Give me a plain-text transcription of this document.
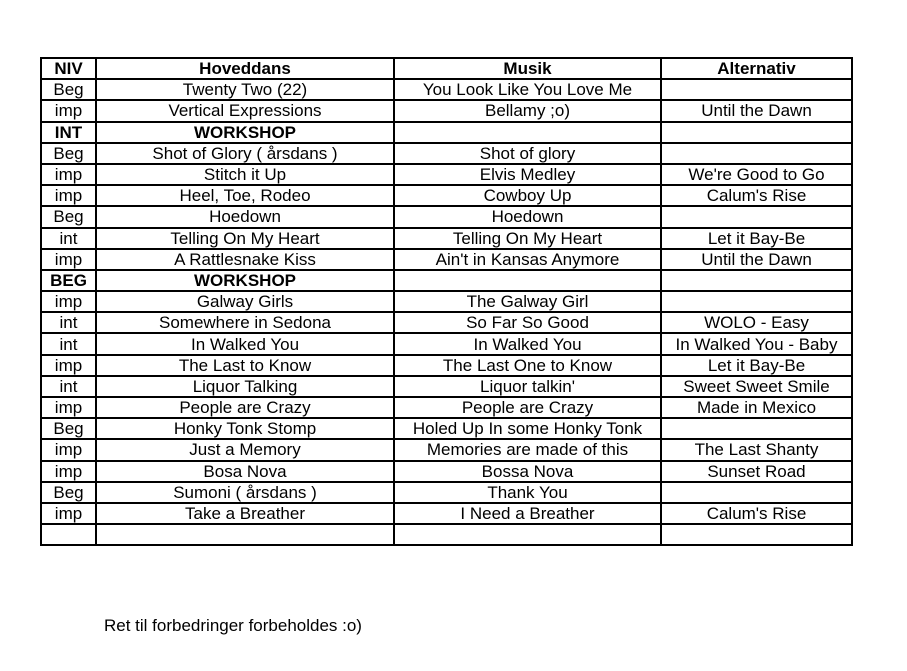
NIV	Hoveddans	Musik	Alternativ
Beg	Twenty Two (22)	You Look Like You Love Me	
imp	Vertical Expressions	Bellamy ;o)	Until the Dawn
INT	WORKSHOP		
Beg	Shot of Glory ( årsdans )	Shot of glory	
imp	Stitch it Up	Elvis Medley	We're Good to Go
imp	Heel, Toe, Rodeo	Cowboy Up	Calum's Rise
Beg	Hoedown	Hoedown	
int	Telling On My Heart	Telling On My Heart	Let it Bay-Be
imp	A Rattlesnake Kiss	Ain't in Kansas Anymore	Until the Dawn
BEG	WORKSHOP		
imp	Galway Girls	The Galway Girl	
int	Somewhere in Sedona	So Far So Good	WOLO - Easy
int	In Walked You	In Walked You	In Walked You - Baby
imp	The Last to Know	The Last One to Know	Let it Bay-Be
int	Liquor Talking	Liquor talkin'	Sweet Sweet Smile
imp	People are Crazy	People are Crazy	Made in Mexico
Beg	Honky Tonk Stomp	Holed Up In some Honky Tonk	
imp	Just a Memory	Memories are made of this	The Last Shanty
imp	Bosa Nova	Bossa Nova	Sunset Road
Beg	Sumoni ( årsdans )	Thank You	
imp	Take a Breather	I Need a Breather	Calum's Rise

Ret til forbedringer forbeholdes :o)
